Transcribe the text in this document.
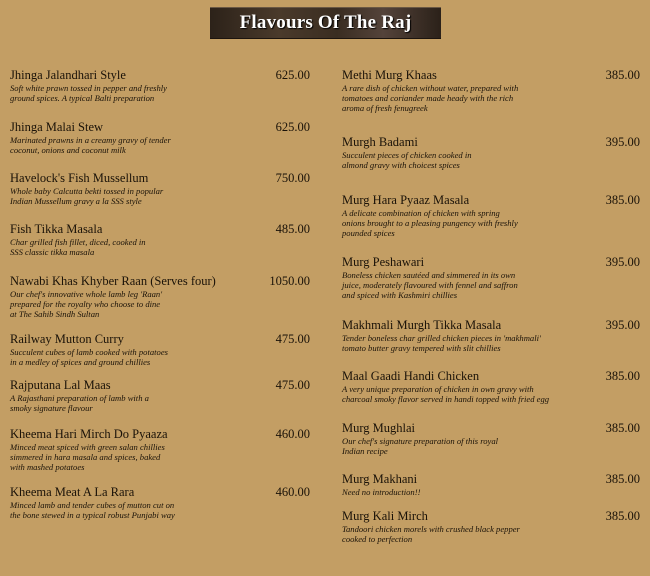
Flavours Of The Raj
Jhinga Jalandhari Style	625.00
Soft white prawn tossed in pepper and freshly
ground spices. A typical Balti preparation
Jhinga Malai Stew	625.00
Marinated prawns in a creamy gravy of tender
coconut, onions and coconut milk
Havelock's Fish Mussellum	750.00
Whole baby Calcutta bekti tossed in popular
Indian Mussellum gravy a la SSS style
Fish Tikka Masala	485.00
Char grilled fish fillet, diced, cooked in
SSS classic tikka masala
Nawabi Khas Khyber Raan (Serves four)	1050.00
Our chef's innovative whole lamb leg 'Raan'
prepared for the royalty who choose to dine
at The Sahib Sindh Sultan
Railway Mutton Curry	475.00
Succulent cubes of lamb cooked with potatoes
in a medley of spices and ground chillies
Rajputana Lal Maas	475.00
A Rajasthani preparation of lamb with a
smoky signature flavour
Kheema Hari Mirch Do Pyaaza	460.00
Minced meat spiced with green salan chillies
simmered in hara masala and spices, baked
with mashed potatoes
Kheema Meat A La Rara	460.00
Minced lamb and tender cubes of mutton cut on
the bone stewed in a typical robust Punjabi way
Methi Murg Khaas	385.00
A rare dish of chicken without water, prepared with
tomatoes and coriander made heady with the rich
aroma of fresh fenugreek
Murgh Badami	395.00
Succulent pieces of chicken cooked in
almond gravy with choicest spices
Murg Hara Pyaaz Masala	385.00
A delicate combination of chicken with spring
onions brought to a pleasing pungency with freshly
pounded spices
Murg Peshawari	395.00
Boneless chicken sautéed and simmered in its own
juice, moderately flavoured with fennel and saffron
and spiced with Kashmiri chillies
Makhmali Murgh Tikka Masala	395.00
Tender boneless char grilled chicken pieces in 'makhmali'
tomato butter gravy tempered with slit chillies
Maal Gaadi Handi Chicken	385.00
A very unique preparation of chicken in own gravy with
charcoal smoky flavor served in handi topped with fried egg
Murg Mughlai	385.00
Our chef's signature preparation of this royal
Indian recipe
Murg Makhani	385.00
Need no introduction!!
Murg Kali Mirch	385.00
Tandoori chicken morels with crushed black pepper
cooked to perfection
